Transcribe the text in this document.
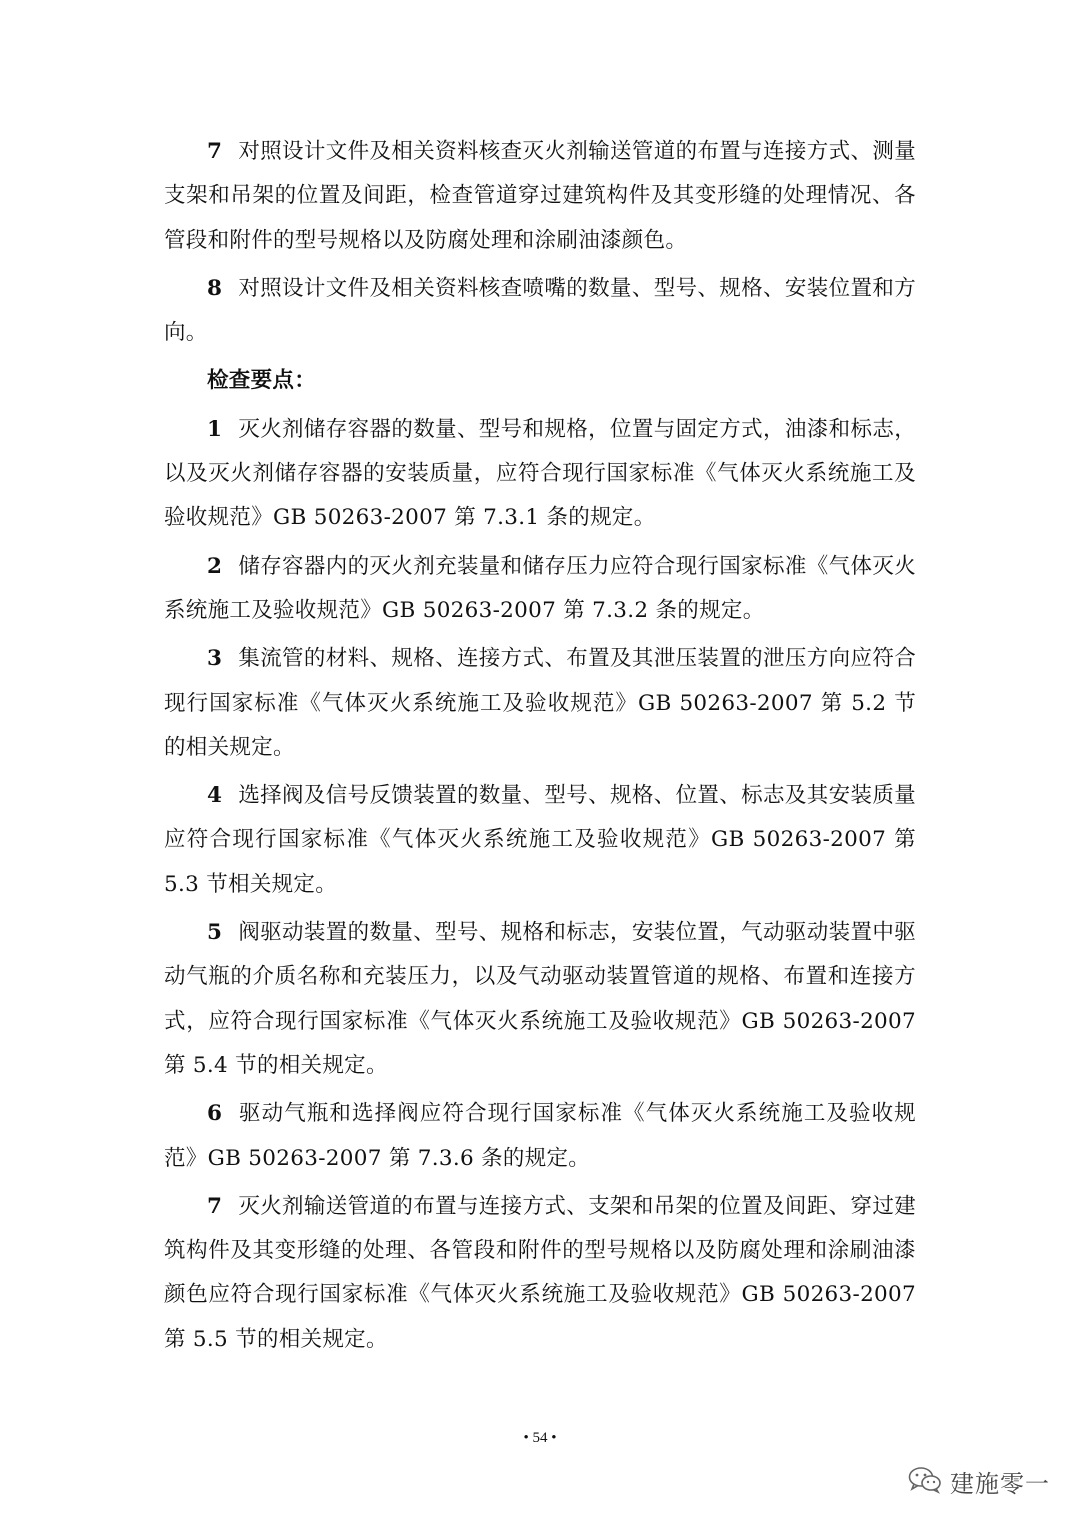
7 对照设计文件及相关资料核查灭火剂输送管道的布置与连接方式、测量支架和吊架的位置及间距，检查管道穿过建筑构件及其变形缝的处理情况、各管段和附件的型号规格以及防腐处理和涂刷油漆颜色。

8 对照设计文件及相关资料核查喷嘴的数量、型号、规格、安装位置和方向。

检查要点：

1 灭火剂储存容器的数量、型号和规格，位置与固定方式，油漆和标志，以及灭火剂储存容器的安装质量，应符合现行国家标准《气体灭火系统施工及验收规范》GB 50263-2007 第 7.3.1 条的规定。

2 储存容器内的灭火剂充装量和储存压力应符合现行国家标准《气体灭火系统施工及验收规范》GB 50263-2007 第 7.3.2 条的规定。

3 集流管的材料、规格、连接方式、布置及其泄压装置的泄压方向应符合现行国家标准《气体灭火系统施工及验收规范》GB 50263-2007 第 5.2 节的相关规定。

4 选择阀及信号反馈装置的数量、型号、规格、位置、标志及其安装质量应符合现行国家标准《气体灭火系统施工及验收规范》GB 50263-2007 第 5.3 节相关规定。

5 阀驱动装置的数量、型号、规格和标志，安装位置，气动驱动装置中驱动气瓶的介质名称和充装压力，以及气动驱动装置管道的规格、布置和连接方式，应符合现行国家标准《气体灭火系统施工及验收规范》GB 50263-2007 第 5.4 节的相关规定。

6 驱动气瓶和选择阀应符合现行国家标准《气体灭火系统施工及验收规范》GB 50263-2007 第 7.3.6 条的规定。

7 灭火剂输送管道的布置与连接方式、支架和吊架的位置及间距、穿过建筑构件及其变形缝的处理、各管段和附件的型号规格以及防腐处理和涂刷油漆颜色应符合现行国家标准《气体灭火系统施工及验收规范》GB 50263-2007 第 5.5 节的相关规定。

• 54 •
建施零一
